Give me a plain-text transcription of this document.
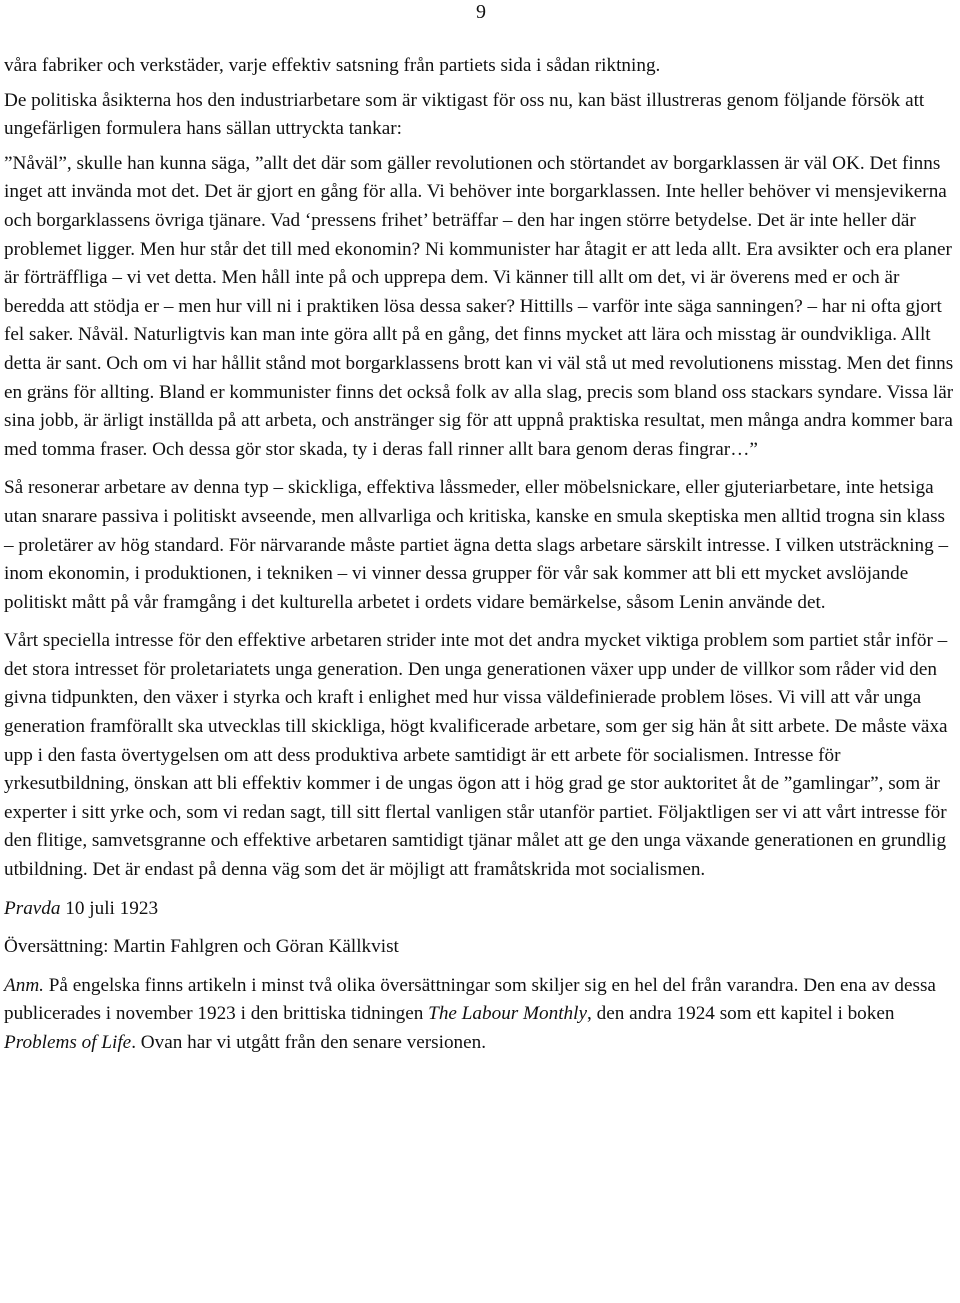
9

våra fabriker och verkstäder, varje effektiv satsning från partiets sida i sådan riktning.

De politiska åsikterna hos den industriarbetare som är viktigast för oss nu, kan bäst illustreras genom följande försök att ungefärligen formulera hans sällan uttryckta tankar:

”Nåväl”, skulle han kunna säga, ”allt det där som gäller revolutionen och störtandet av borgarklassen är väl OK. Det finns inget att invända mot det. Det är gjort en gång för alla. Vi behöver inte borgarklassen. Inte heller behöver vi mensjevikerna och borgarklassens övriga tjänare. Vad ‘pressens frihet’ beträffar – den har ingen större betydelse. Det är inte heller där problemet ligger. Men hur står det till med ekonomin? Ni kommunister har åtagit er att leda allt. Era avsikter och era planer är förträffliga – vi vet detta. Men håll inte på och upprepa dem. Vi känner till allt om det, vi är överens med er och är beredda att stödja er – men hur vill ni i praktiken lösa dessa saker? Hittills – varför inte säga sanningen? – har ni ofta gjort fel saker. Nåväl. Naturligtvis kan man inte göra allt på en gång, det finns mycket att lära och misstag är oundvikliga. Allt detta är sant. Och om vi har hållit stånd mot borgarklassens brott kan vi väl stå ut med revolutionens misstag. Men det finns en gräns för allting. Bland er kommunister finns det också folk av alla slag, precis som bland oss stackars syndare. Vissa lär sina jobb, är ärligt inställda på att arbeta, och anstränger sig för att uppnå praktiska resultat, men många andra kommer bara med tomma fraser. Och dessa gör stor skada, ty i deras fall rinner allt bara genom deras fingrar…”

Så resonerar arbetare av denna typ – skickliga, effektiva låssmeder, eller möbelsnickare, eller gjuteriarbetare, inte hetsiga utan snarare passiva i politiskt avseende, men allvarliga och kritiska, kanske en smula skeptiska men alltid trogna sin klass – proletärer av hög standard. För närvarande måste partiet ägna detta slags arbetare särskilt intresse. I vilken utsträckning – inom ekonomin, i produktionen, i tekniken – vi vinner dessa grupper för vår sak kommer att bli ett mycket avslöjande politiskt mått på vår framgång i det kulturella arbetet i ordets vidare bemärkelse, såsom Lenin använde det.

Vårt speciella intresse för den effektive arbetaren strider inte mot det andra mycket viktiga problem som partiet står inför – det stora intresset för proletariatets unga generation. Den unga generationen växer upp under de villkor som råder vid den givna tidpunkten, den växer i styrka och kraft i enlighet med hur vissa väldefinierade problem löses. Vi vill att vår unga generation framförallt ska utvecklas till skickliga, högt kvalificerade arbetare, som ger sig hän åt sitt arbete. De måste växa upp i den fasta övertygelsen om att dess produktiva arbete samtidigt är ett arbete för socialismen. Intresse för yrkesutbildning, önskan att bli effektiv kommer i de ungas ögon att i hög grad ge stor auktoritet åt de ”gamlingar”, som är experter i sitt yrke och, som vi redan sagt, till sitt flertal vanligen står utanför partiet. Följaktligen ser vi att vårt intresse för den flitige, samvetsgranne och effektive arbetaren samtidigt tjänar målet att ge den unga växande generationen en grundlig utbildning. Det är endast på denna väg som det är möjligt att framåtskrida mot socialismen.

Pravda 10 juli 1923

Översättning: Martin Fahlgren och Göran Källkvist

Anm. På engelska finns artikeln i minst två olika översättningar som skiljer sig en hel del från varandra. Den ena av dessa publicerades i november 1923 i den brittiska tidningen The Labour Monthly, den andra 1924 som ett kapitel i boken Problems of Life. Ovan har vi utgått från den senare versionen.
